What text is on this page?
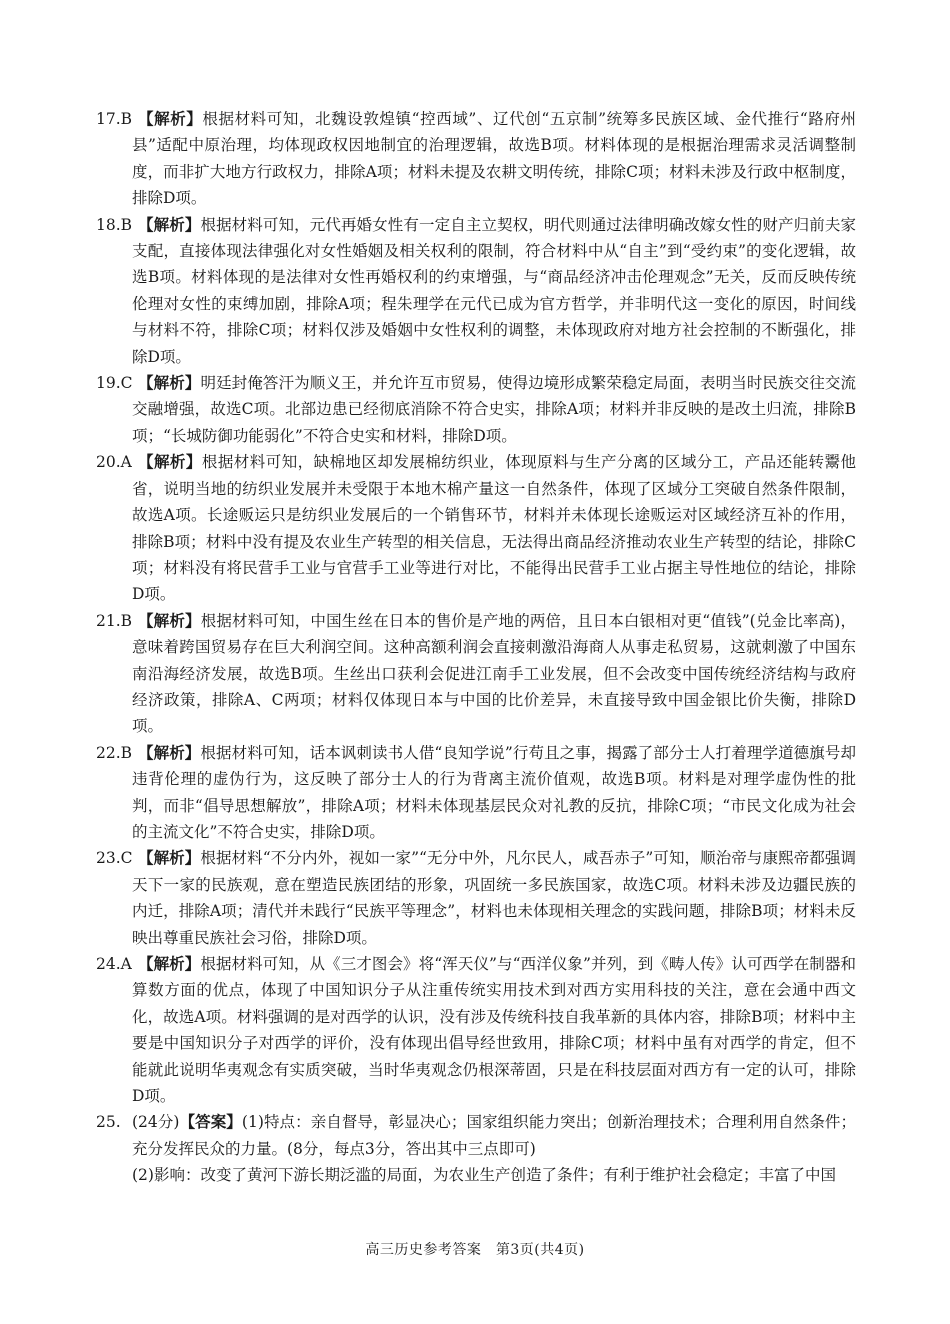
17.B 【解析】根据材料可知，北魏设敦煌镇“控西域”、辽代创“五京制”统筹多民族区域、金代推行“路府州县”适配中原治理，均体现政权因地制宜的治理逻辑，故选B项。材料体现的是根据治理需求灵活调整制度，而非扩大地方行政权力，排除A项；材料未提及农耕文明传统，排除C项；材料未涉及行政中枢制度，排除D项。

18.B 【解析】根据材料可知，元代再婚女性有一定自主立契权，明代则通过法律明确改嫁女性的财产归前夫家支配，直接体现法律强化对女性婚姻及相关权利的限制，符合材料中从“自主”到“受约束”的变化逻辑，故选B项。材料体现的是法律对女性再婚权利的约束增强，与“商品经济冲击伦理观念”无关，反而反映传统伦理对女性的束缚加剧，排除A项；程朱理学在元代已成为官方哲学，并非明代这一变化的原因，时间线与材料不符，排除C项；材料仅涉及婚姻中女性权利的调整，未体现政府对地方社会控制的不断强化，排除D项。

19.C 【解析】明廷封俺答汗为顺义王，并允许互市贸易，使得边境形成繁荣稳定局面，表明当时民族交往交流交融增强，故选C项。北部边患已经彻底消除不符合史实，排除A项；材料并非反映的是改土归流，排除B项；“长城防御功能弱化”不符合史实和材料，排除D项。

20.A 【解析】根据材料可知，缺棉地区却发展棉纺织业，体现原料与生产分离的区域分工，产品还能转鬻他省，说明当地的纺织业发展并未受限于本地木棉产量这一自然条件，体现了区域分工突破自然条件限制，故选A项。长途贩运只是纺织业发展后的一个销售环节，材料并未体现长途贩运对区域经济互补的作用，排除B项；材料中没有提及农业生产转型的相关信息，无法得出商品经济推动农业生产转型的结论，排除C项；材料没有将民营手工业与官营手工业等进行对比，不能得出民营手工业占据主导性地位的结论，排除D项。

21.B 【解析】根据材料可知，中国生丝在日本的售价是产地的两倍，且日本白银相对更“值钱”(兑金比率高)，意味着跨国贸易存在巨大利润空间。这种高额利润会直接刺激沿海商人从事走私贸易，这就刺激了中国东南沿海经济发展，故选B项。生丝出口获利会促进江南手工业发展，但不会改变中国传统经济结构与政府经济政策，排除A、C两项；材料仅体现日本与中国的比价差异，未直接导致中国金银比价失衡，排除D项。

22.B 【解析】根据材料可知，话本讽刺读书人借“良知学说”行苟且之事，揭露了部分士人打着理学道德旗号却违背伦理的虚伪行为，这反映了部分士人的行为背离主流价值观，故选B项。材料是对理学虚伪性的批判，而非“倡导思想解放”，排除A项；材料未体现基层民众对礼教的反抗，排除C项；“市民文化成为社会的主流文化”不符合史实，排除D项。

23.C 【解析】根据材料“不分内外，视如一家”“无分中外，凡尔民人，咸吾赤子”可知，顺治帝与康熙帝都强调天下一家的民族观，意在塑造民族团结的形象，巩固统一多民族国家，故选C项。材料未涉及边疆民族的内迁，排除A项；清代并未践行“民族平等理念”，材料也未体现相关理念的实践问题，排除B项；材料未反映出尊重民族社会习俗，排除D项。

24.A 【解析】根据材料可知，从《三才图会》将“浑天仪”与“西洋仪象”并列，到《畴人传》认可西学在制器和算数方面的优点，体现了中国知识分子从注重传统实用技术到对西方实用科技的关注，意在会通中西文化，故选A项。材料强调的是对西学的认识，没有涉及传统科技自我革新的具体内容，排除B项；材料中主要是中国知识分子对西学的评价，没有体现出倡导经世致用，排除C项；材料中虽有对西学的肯定，但不能就此说明华夷观念有实质突破，当时华夷观念仍根深蒂固，只是在科技层面对西方有一定的认可，排除D项。

25. (24分)【答案】(1)特点：亲自督导，彰显决心；国家组织能力突出；创新治理技术；合理利用自然条件；充分发挥民众的力量。(8分，每点3分，答出其中三点即可)

(2)影响：改变了黄河下游长期泛滥的局面，为农业生产创造了条件；有利于维护社会稳定；丰富了中国

高三历史参考答案　第3页(共4页)
